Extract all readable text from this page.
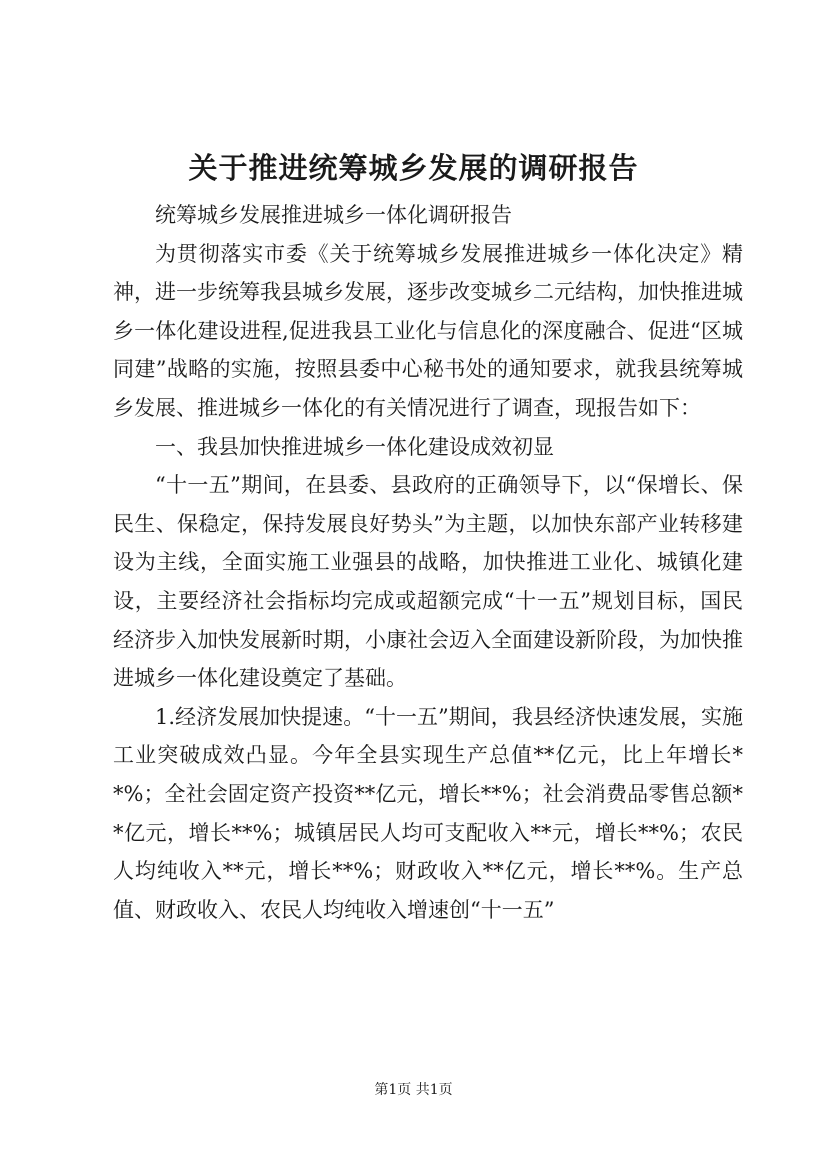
关于推进统筹城乡发展的调研报告

统筹城乡发展推进城乡一体化调研报告

为贯彻落实市委《关于统筹城乡发展推进城乡一体化决定》精神，进一步统筹我县城乡发展，逐步改变城乡二元结构，加快推进城乡一体化建设进程,促进我县工业化与信息化的深度融合、促进“区城同建”战略的实施，按照县委中心秘书处的通知要求，就我县统筹城乡发展、推进城乡一体化的有关情况进行了调查，现报告如下：

一、我县加快推进城乡一体化建设成效初显

“十一五”期间，在县委、县政府的正确领导下，以“保增长、保民生、保稳定，保持发展良好势头”为主题，以加快东部产业转移建设为主线，全面实施工业强县的战略，加快推进工业化、城镇化建设，主要经济社会指标均完成或超额完成“十一五”规划目标，国民经济步入加快发展新时期，小康社会迈入全面建设新阶段，为加快推进城乡一体化建设奠定了基础。

1.经济发展加快提速。“十一五”期间，我县经济快速发展，实施工业突破成效凸显。今年全县实现生产总值**亿元，比上年增长**%；全社会固定资产投资**亿元，增长**%；社会消费品零售总额**亿元，增长**%；城镇居民人均可支配收入**元，增长**%；农民人均纯收入**元，增长**%；财政收入**亿元，增长**%。生产总值、财政收入、农民人均纯收入增速创“十一五”

第1页 共1页
